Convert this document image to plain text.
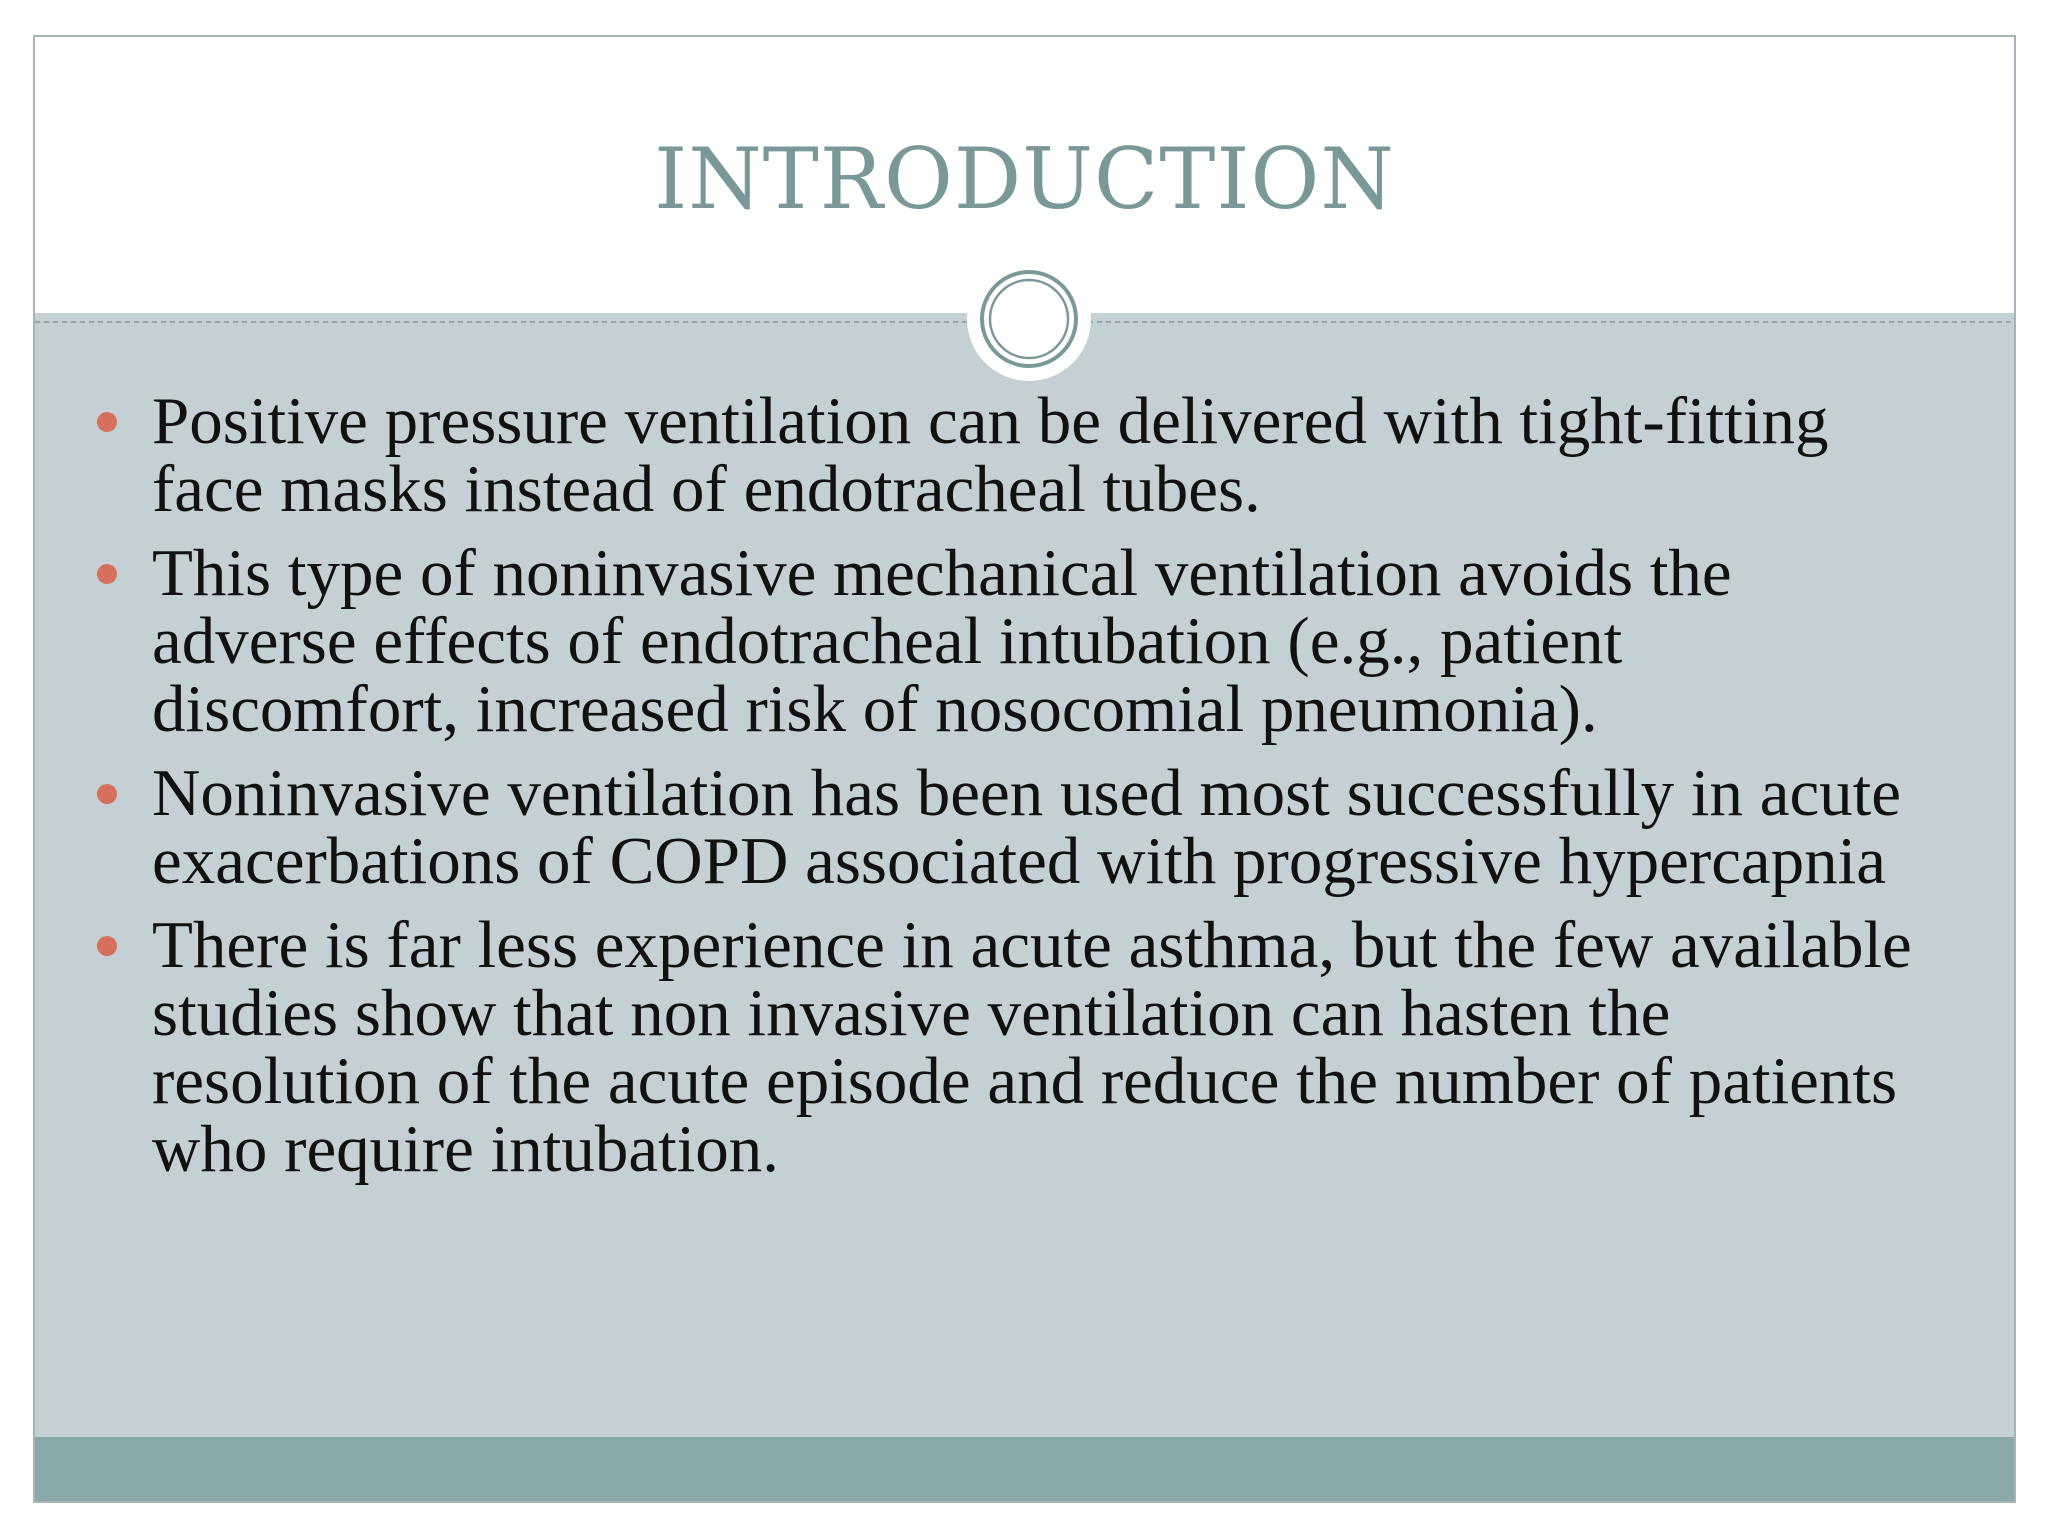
INTRODUCTION
Positive pressure ventilation can be delivered with tight-fitting face masks instead of endotracheal tubes.
This type of noninvasive mechanical ventilation avoids the adverse effects of endotracheal intubation (e.g., patient discomfort, increased risk of nosocomial pneumonia).
Noninvasive ventilation has been used most successfully in acute exacerbations of COPD associated with progressive hypercapnia
There is far less experience in acute asthma, but the few available studies show that non invasive ventilation can hasten the resolution of the acute episode and reduce the number of patients who require intubation.
